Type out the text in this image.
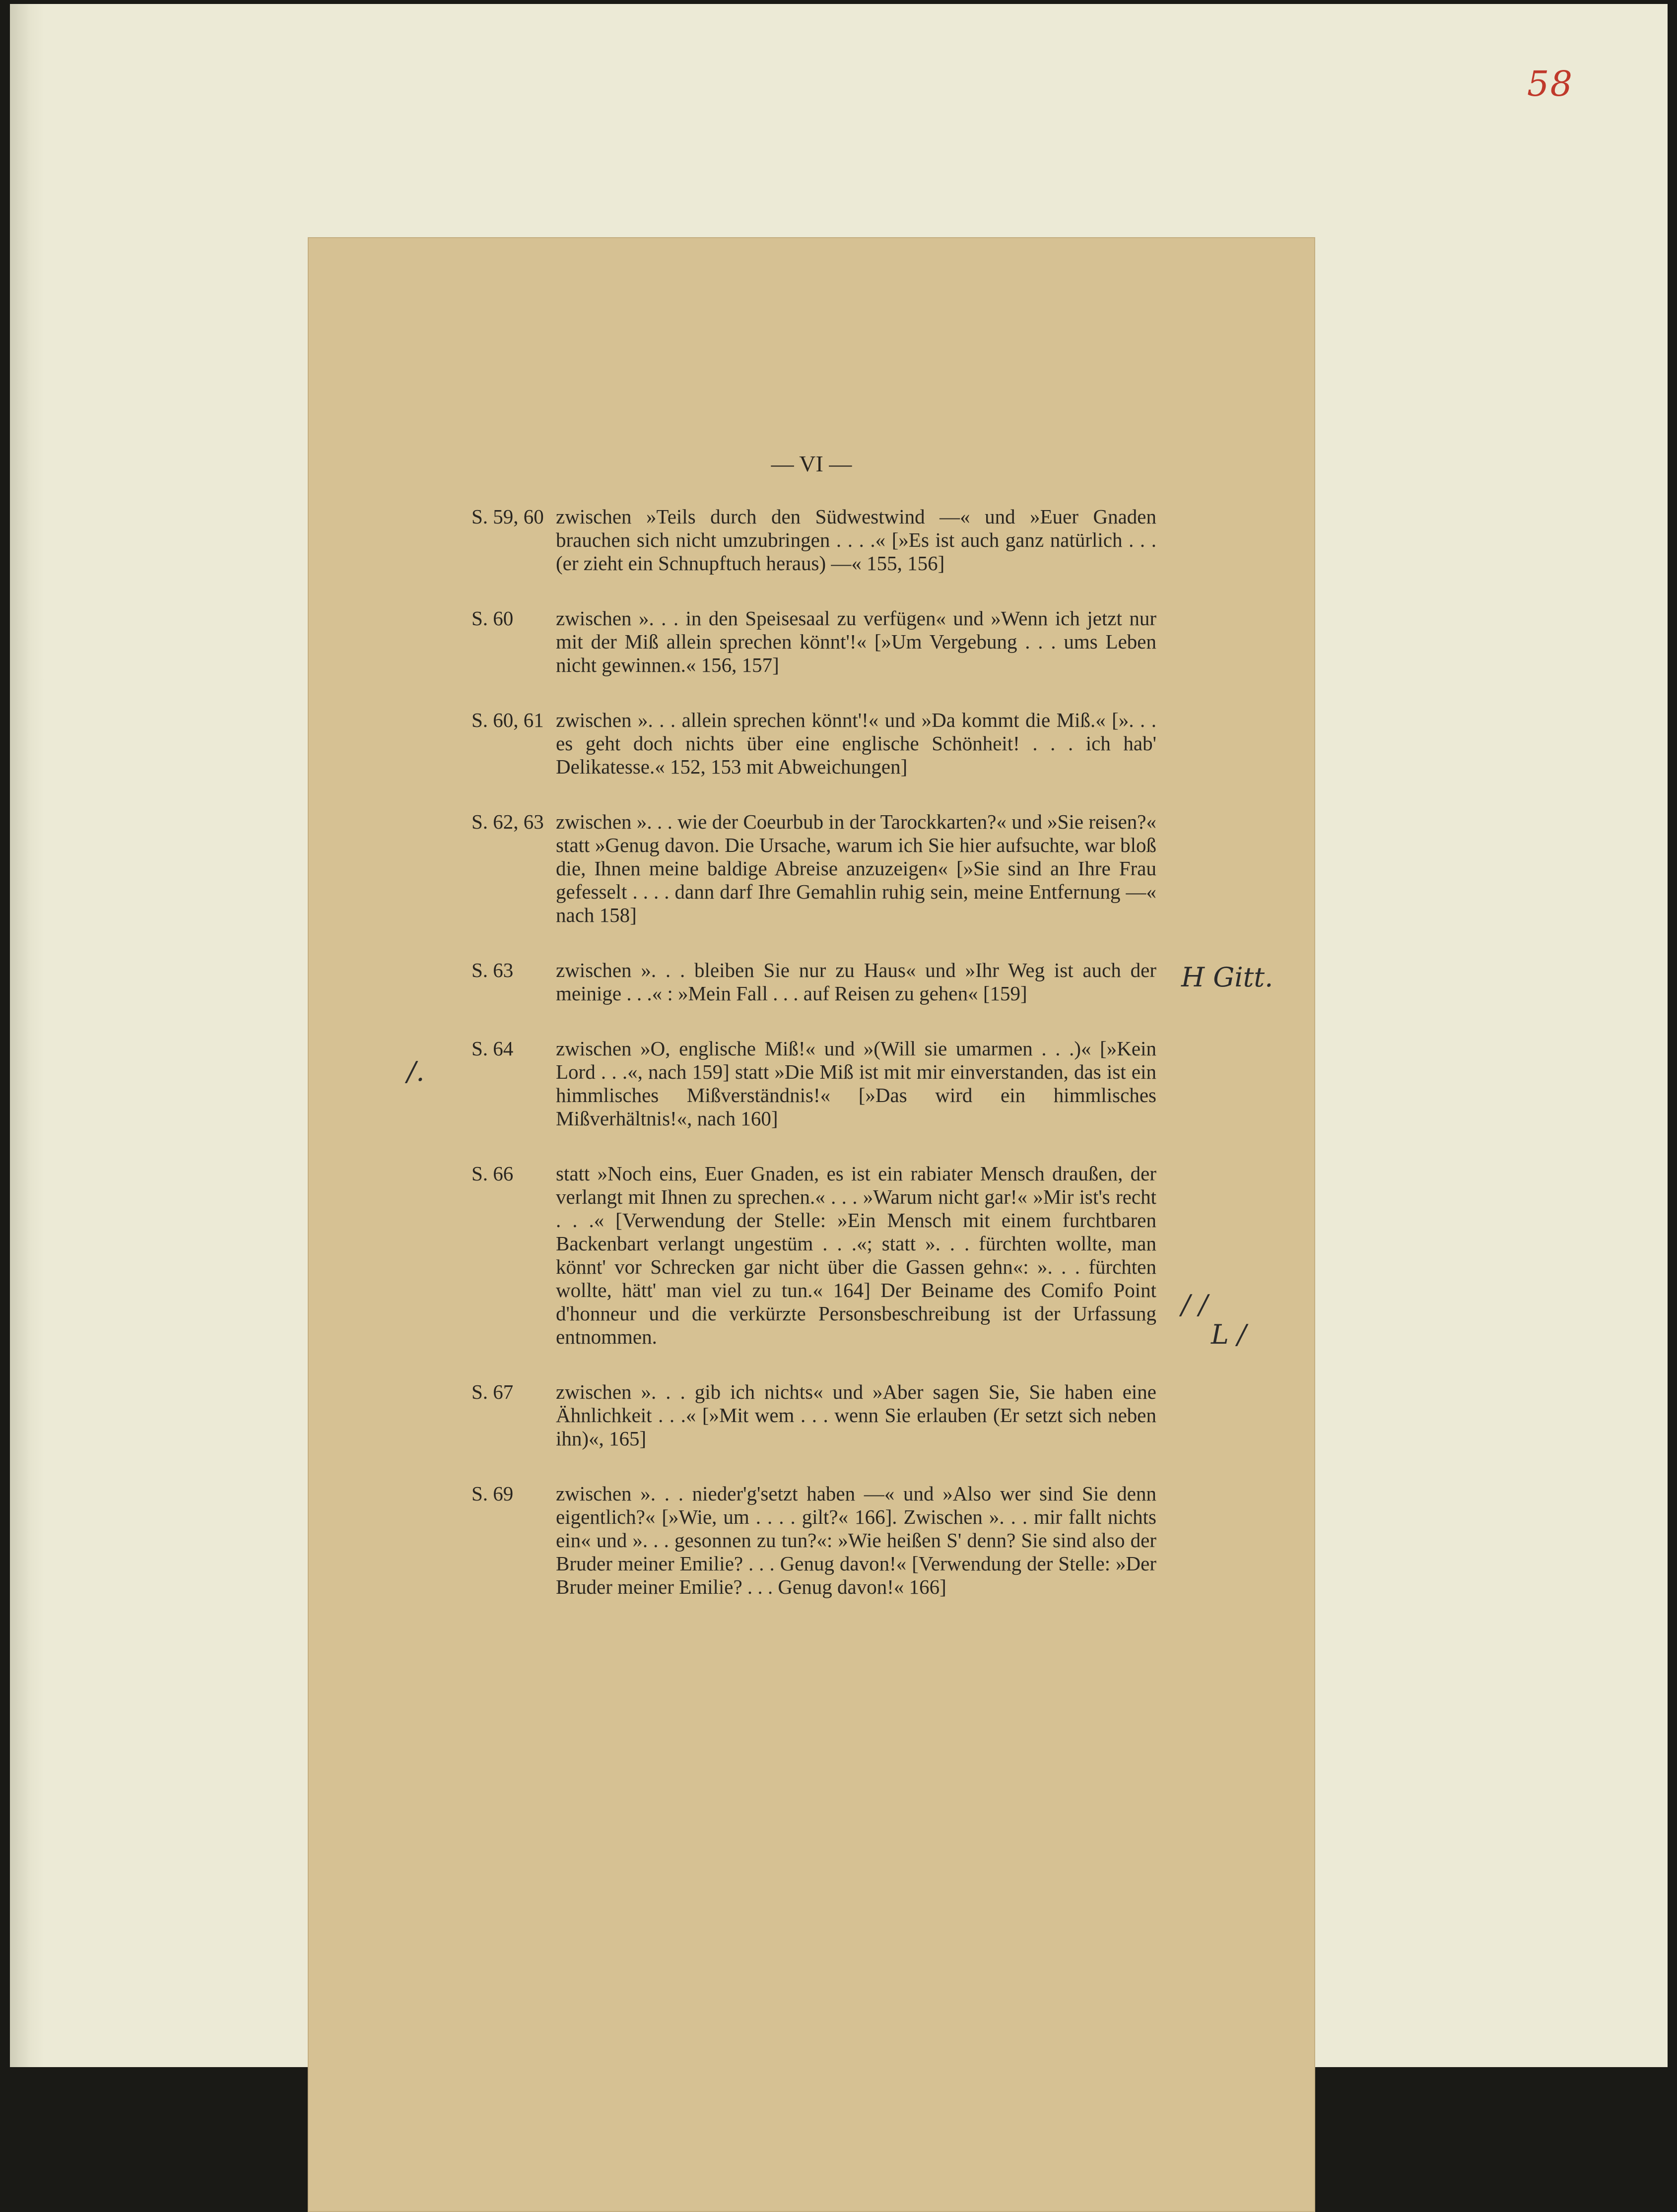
58
— VI —
S. 59, 60 zwischen »Teils durch den Südwestwind —« und »Euer Gnaden brauchen sich nicht umzubringen . . . .« [»Es ist auch ganz natürlich . . . (er zieht ein Schnupftuch heraus) —« 155, 156]
S. 60	zwischen ». . . in den Speisesaal zu verfügen« und »Wenn ich jetzt nur mit der Miß allein sprechen könnt'!« [»Um Vergebung . . . ums Leben nicht gewinnen.« 156, 157]
S. 60, 61 zwischen ». . . allein sprechen könnt'!« und »Da kommt die Miß.« [». . . es geht doch nichts über eine englische Schönheit! . . . ich hab' Delikatesse.« 152, 153 mit Abweichungen]
S. 62, 63 zwischen ». . . wie der Coeurbub in der Tarockkarten?« und »Sie reisen?« statt »Genug davon. Die Ursache, warum ich Sie hier aufsuchte, war bloß die, Ihnen meine baldige Abreise anzuzeigen« [»Sie sind an Ihre Frau gefesselt . . . . dann darf Ihre Gemahlin ruhig sein, meine Entfernung —« nach 158]
S. 63	zwischen ». . . bleiben Sie nur zu Haus« und »Ihr Weg ist auch der meinige . . .« : »Mein Fall . . . auf Reisen zu gehen« [159]
S. 64	zwischen »O, englische Miß!« und »(Will sie umarmen . . .)« [»Kein Lord . . .«, nach 159] statt »Die Miß ist mit mir einverstanden, das ist ein himmlisches Mißverständnis!« [»Das wird ein himmlisches Mißverhältnis!«, nach 160]
S. 66	statt »Noch eins, Euer Gnaden, es ist ein rabiater Mensch draußen, der verlangt mit Ihnen zu sprechen.« . . . »Warum nicht gar!« »Mir ist's recht . . .« [Verwendung der Stelle: »Ein Mensch mit einem furchtbaren Backenbart verlangt ungestüm . . .«; statt ». . . fürchten wollte, man könnt' vor Schrecken gar nicht über die Gassen gehn«: ». . . fürchten wollte, hätt' man viel zu tun.« 164] Der Beiname des Comifo Point d'honneur und die verkürzte Personsbeschreibung ist der Urfassung entnommen.
S. 67	zwischen ». . . gib ich nichts« und »Aber sagen Sie, Sie haben eine Ähnlichkeit . . .« [»Mit wem . . . wenn Sie erlauben (Er setzt sich neben ihn)«, 165]
S. 69	zwischen ». . . nieder'g'setzt haben —« und »Also wer sind Sie denn eigentlich?« [»Wie, um . . . . gilt?« 166]. Zwischen ». . . mir fallt nichts ein« und ». . . gesonnen zu tun?«: »Wie heißen S' denn? Sie sind also der Bruder meiner Emilie? . . . Genug davon!« [Verwendung der Stelle: »Der Bruder meiner Emilie? . . . Genug davon!« 166]
H Gitt.
/.
/ /
L /
